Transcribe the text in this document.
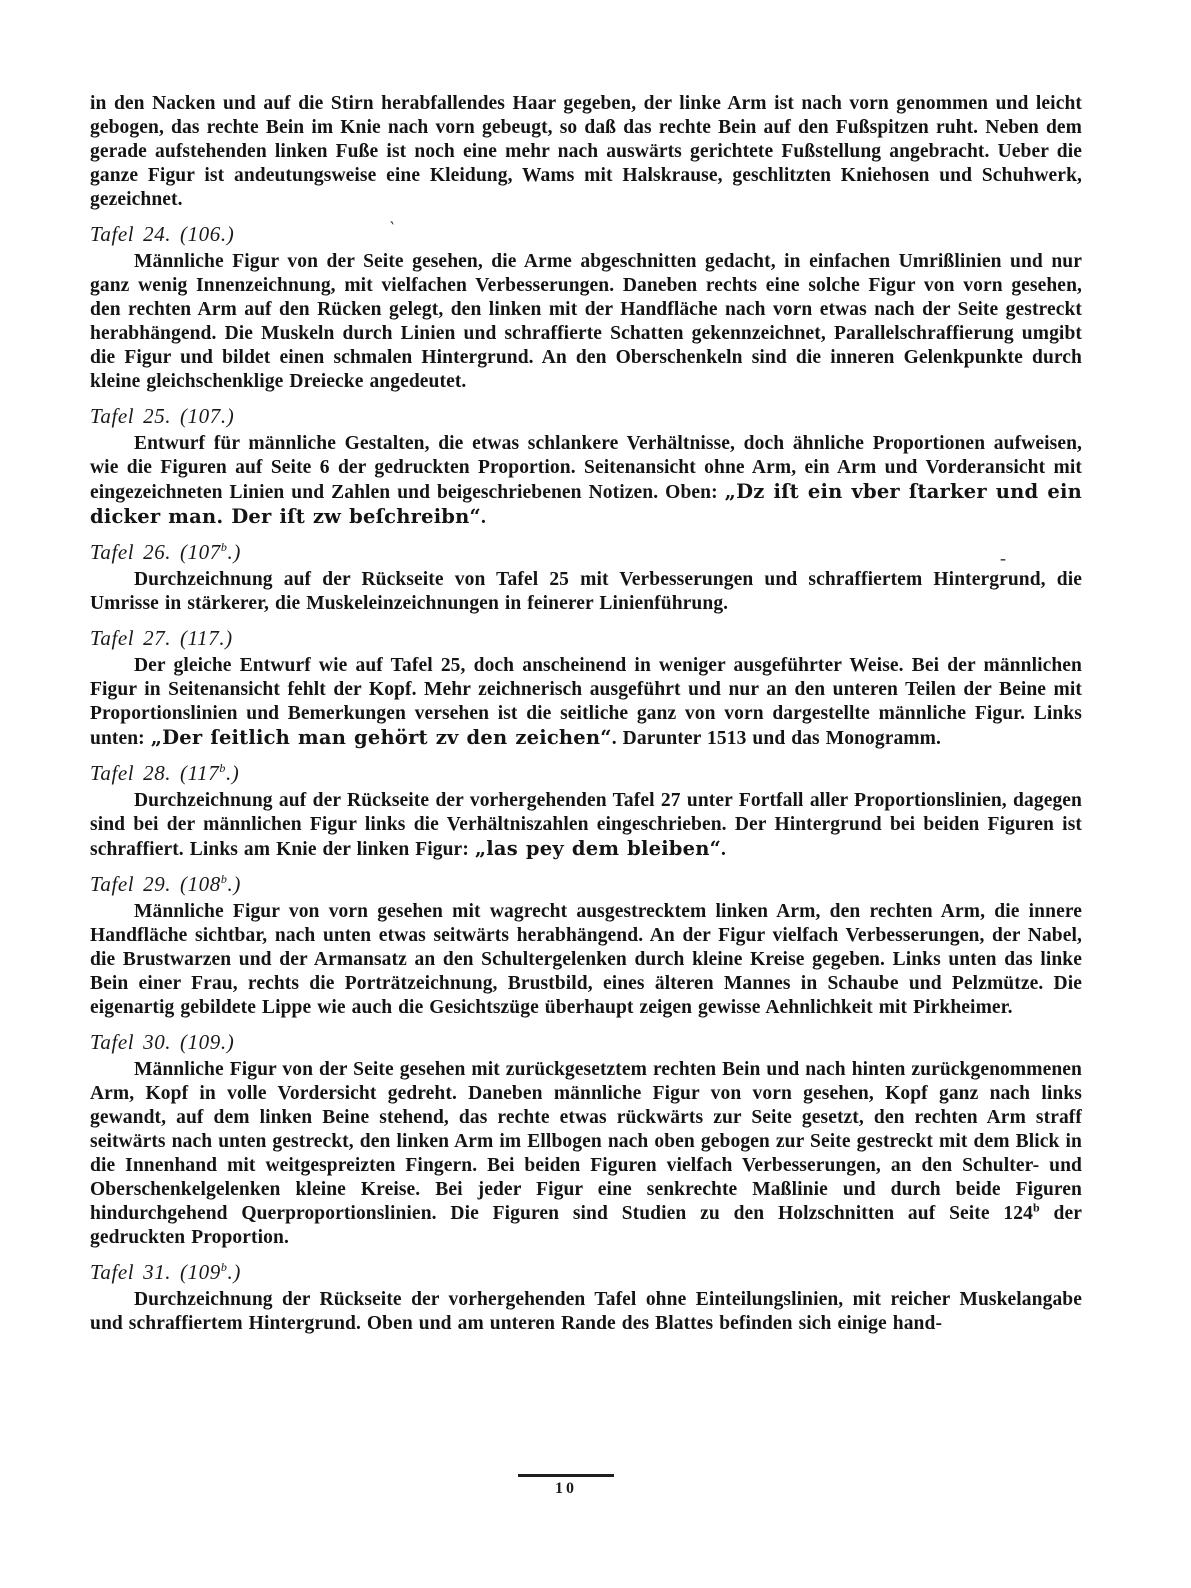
in den Nacken und auf die Stirn herabfallendes Haar gegeben, der linke Arm ist nach vorn genommen und leicht gebogen, das rechte Bein im Knie nach vorn gebeugt, so daß das rechte Bein auf den Fußspitzen ruht. Neben dem gerade aufstehenden linken Fuße ist noch eine mehr nach auswärts gerichtete Fußstellung angebracht. Ueber die ganze Figur ist andeutungsweise eine Kleidung, Wams mit Halskrause, geschlitzten Kniehosen und Schuhwerk, gezeichnet.

Tafel 24. (106.)

Männliche Figur von der Seite gesehen, die Arme abgeschnitten gedacht, in einfachen Umrißlinien und nur ganz wenig Innenzeichnung, mit vielfachen Verbesserungen. Daneben rechts eine solche Figur von vorn gesehen, den rechten Arm auf den Rücken gelegt, den linken mit der Handfläche nach vorn etwas nach der Seite gestreckt herabhängend. Die Muskeln durch Linien und schraffierte Schatten gekennzeichnet, Parallelschraffierung umgibt die Figur und bildet einen schmalen Hintergrund. An den Oberschenkeln sind die inneren Gelenkpunkte durch kleine gleichschenklige Dreiecke angedeutet.

Tafel 25. (107.)

Entwurf für männliche Gestalten, die etwas schlankere Verhältnisse, doch ähnliche Proportionen aufweisen, wie die Figuren auf Seite 6 der gedruckten Proportion. Seitenansicht ohne Arm, ein Arm und Vorderansicht mit eingezeichneten Linien und Zahlen und beigeschriebenen Notizen. Oben: „Dz iſt ein vber ſtarker und ein dicker man. Der iſt zw beſchreibn“.

Tafel 26. (107$^b$.)

Durchzeichnung auf der Rückseite von Tafel 25 mit Verbesserungen und schraffiertem Hintergrund, die Umrisse in stärkerer, die Muskeleinzeichnungen in feinerer Linienführung.

Tafel 27. (117.)

Der gleiche Entwurf wie auf Tafel 25, doch anscheinend in weniger ausgeführter Weise. Bei der männlichen Figur in Seitenansicht fehlt der Kopf. Mehr zeichnerisch ausgeführt und nur an den unteren Teilen der Beine mit Proportionslinien und Bemerkungen versehen ist die seitliche ganz von vorn dargestellte männliche Figur. Links unten: „Der ſeitlich man gehört zv den zeichen“. Darunter 1513 und das Monogramm.

Tafel 28. (117$^b$.)

Durchzeichnung auf der Rückseite der vorhergehenden Tafel 27 unter Fortfall aller Proportionslinien, dagegen sind bei der männlichen Figur links die Verhältniszahlen eingeschrieben. Der Hintergrund bei beiden Figuren ist schraffiert. Links am Knie der linken Figur: „las pey dem bleiben“.

Tafel 29. (108$^b$.)

Männliche Figur von vorn gesehen mit wagrecht ausgestrecktem linken Arm, den rechten Arm, die innere Handfläche sichtbar, nach unten etwas seitwärts herabhängend. An der Figur vielfach Verbesserungen, der Nabel, die Brustwarzen und der Armansatz an den Schultergelenken durch kleine Kreise gegeben. Links unten das linke Bein einer Frau, rechts die Porträtzeichnung, Brustbild, eines älteren Mannes in Schaube und Pelzmütze. Die eigenartig gebildete Lippe wie auch die Gesichtszüge überhaupt zeigen gewisse Aehnlichkeit mit Pirkheimer.

Tafel 30. (109.)

Männliche Figur von der Seite gesehen mit zurückgesetztem rechten Bein und nach hinten zurückgenommenen Arm, Kopf in volle Vordersicht gedreht. Daneben männliche Figur von vorn gesehen, Kopf ganz nach links gewandt, auf dem linken Beine stehend, das rechte etwas rückwärts zur Seite gesetzt, den rechten Arm straff seitwärts nach unten gestreckt, den linken Arm im Ellbogen nach oben gebogen zur Seite gestreckt mit dem Blick in die Innenhand mit weitgespreizten Fingern. Bei beiden Figuren vielfach Verbesserungen, an den Schulter- und Oberschenkelgelenken kleine Kreise. Bei jeder Figur eine senkrechte Maßlinie und durch beide Figuren hindurchgehend Querproportionslinien. Die Figuren sind Studien zu den Holzschnitten auf Seite 124$^b$ der gedruckten Proportion.

Tafel 31. (109$^b$.)

Durchzeichnung der Rückseite der vorhergehenden Tafel ohne Einteilungslinien, mit reicher Muskelangabe und schraffiertem Hintergrund. Oben und am unteren Rande des Blattes befinden sich einige hand-

10
`
-
